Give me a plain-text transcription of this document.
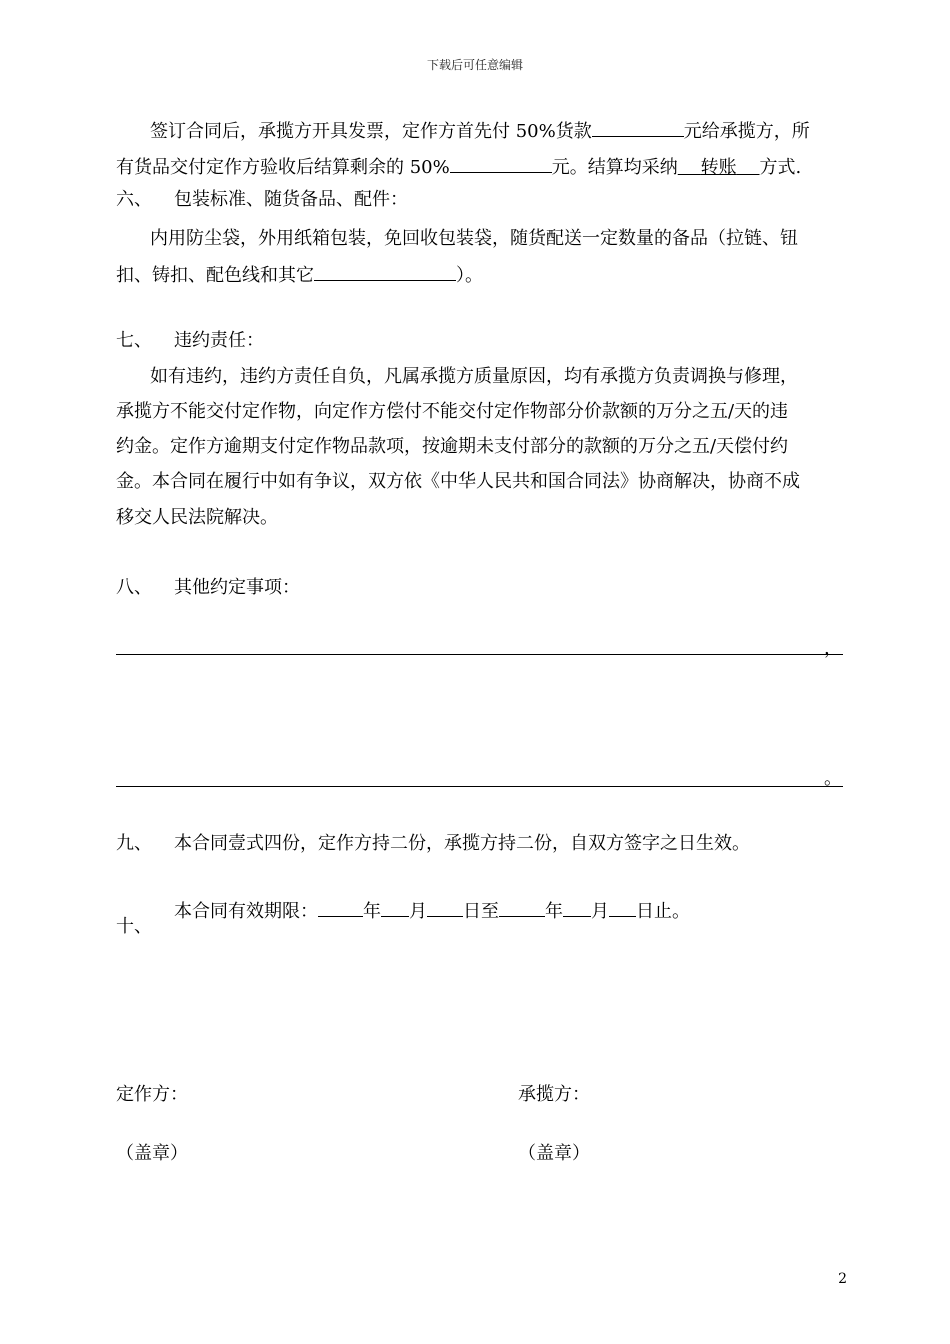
下载后可任意编辑
签订合同后，承揽方开具发票，定作方首先付 50%货款	元给承揽方，所
有货品交付定作方验收后结算剩余的 50%	元。结算均采纳 转账 方式.
六、 包装标准、随货备品、配件：
内用防尘袋，外用纸箱包装，免回收包装袋，随货配送一定数量的备品（拉链、钮
扣、铸扣、配色线和其它	）。
七、 违约责任：
如有违约，违约方责任自负，凡属承揽方质量原因，均有承揽方负责调换与修理，
承揽方不能交付定作物，向定作方偿付不能交付定作物部分价款额的万分之五/天的违
约金。定作方逾期支付定作物品款项，按逾期未支付部分的款额的万分之五/天偿付约
金。本合同在履行中如有争议，双方依《中华人民共和国合同法》协商解决，协商不成
移交人民法院解决。
八、 其他约定事项：
，
。
九、 本合同壹式四份，定作方持二份，承揽方持二份，自双方签字之日生效。
十、
本合同有效期限：	年 月 日至	年 月 日止。
定作方：	承揽方：
（盖章）	（盖章）
2
